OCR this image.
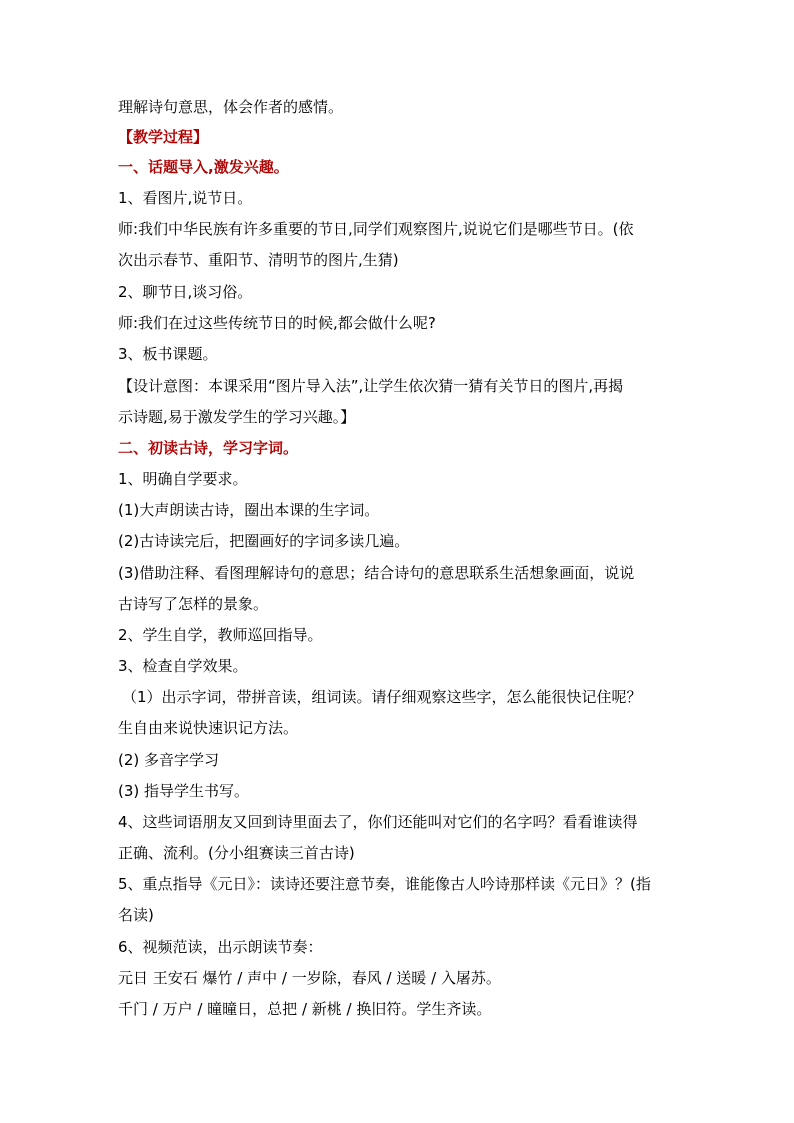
理解诗句意思，体会作者的感情。
【教学过程】
一、话题导入,激发兴趣。
1、看图片,说节日。
师:我们中华民族有许多重要的节日,同学们观察图片,说说它们是哪些节日。(依
次出示春节、重阳节、清明节的图片,生猜)
2、聊节日,谈习俗。
师:我们在过这些传统节日的时候,都会做什么呢?
3、板书课题。
【设计意图：本课采用“图片导入法”,让学生依次猜一猜有关节日的图片,再揭
示诗题,易于激发学生的学习兴趣。】
二、初读古诗，学习字词。
1、明确自学要求。
(1)大声朗读古诗，圈出本课的生字词。
(2)古诗读完后，把圈画好的字词多读几遍。
(3)借助注释、看图理解诗句的意思；结合诗句的意思联系生活想象画面，说说
古诗写了怎样的景象。
2、学生自学，教师巡回指导。
3、检查自学效果。
（1）出示字词，带拼音读，组词读。请仔细观察这些字，怎么能很快记住呢？
生自由来说快速识记方法。
(2) 多音字学习
(3) 指导学生书写。
4、这些词语朋友又回到诗里面去了，你们还能叫对它们的名字吗？看看谁读得
正确、流利。(分小组赛读三首古诗)
5、重点指导《元日》：读诗还要注意节奏，谁能像古人吟诗那样读《元日》？(指
名读)
6、视频范读，出示朗读节奏：
元日 王安石 爆竹 / 声中 / 一岁除，春风 / 送暖 / 入屠苏。
千门 / 万户 / 曈曈日，总把 / 新桃 / 换旧符。学生齐读。
